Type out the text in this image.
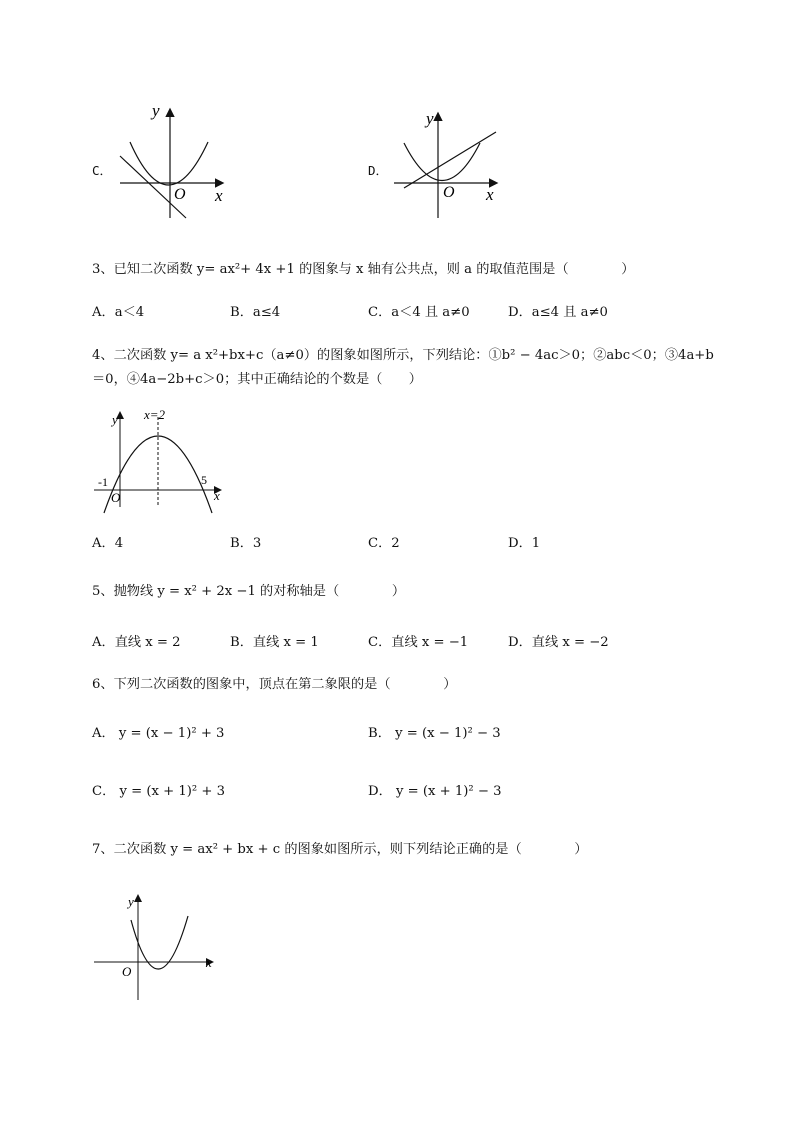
C．
y
x
O
D．
y
x
O
3、已知二次函数 y= ax²+ 4x +1 的图象与 x 轴有公共点，则 a 的取值范围是（　　　　）
A．a＜4	B．a≤4	C．a＜4 且 a≠0	D．a≤4 且 a≠0
4、二次函数 y= a x²+bx+c（a≠0）的图象如图所示，下列结论：①b² − 4ac＞0；②abc＜0；③4a+b
＝0，④4a−2b+c＞0；其中正确结论的个数是（　　）
x=2
y
x
O
-1	5
A．4	B．3	C．2	D．1
5、抛物线 y = x² + 2x −1 的对称轴是（　　　　）
A．直线 x = 2	B．直线 x = 1	C．直线 x = −1	D．直线 x = −2
6、下列二次函数的图象中，顶点在第二象限的是（　　　　）
A． y = (x − 1)² + 3	B． y = (x − 1)² − 3
C． y = (x + 1)² + 3	D． y = (x + 1)² − 3
7、二次函数 y = ax² + bx + c 的图象如图所示，则下列结论正确的是（　　　　）
y
x
O
